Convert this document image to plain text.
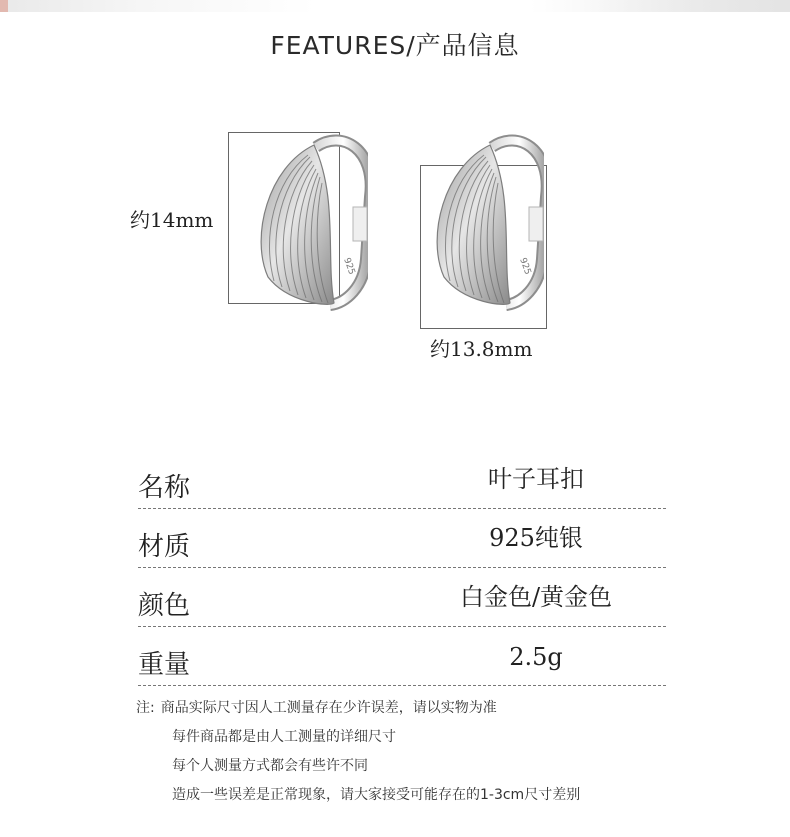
FEATURES/产品信息
925
约14mm
925
约13.8mm
名称	叶子耳扣
材质	925纯银
颜色	白金色/黄金色
重量	2.5g
注: 商品实际尺寸因人工测量存在少许误差，请以实物为准
每件商品都是由人工测量的详细尺寸
每个人测量方式都会有些许不同
造成一些误差是正常现象，请大家接受可能存在的1-3cm尺寸差别
